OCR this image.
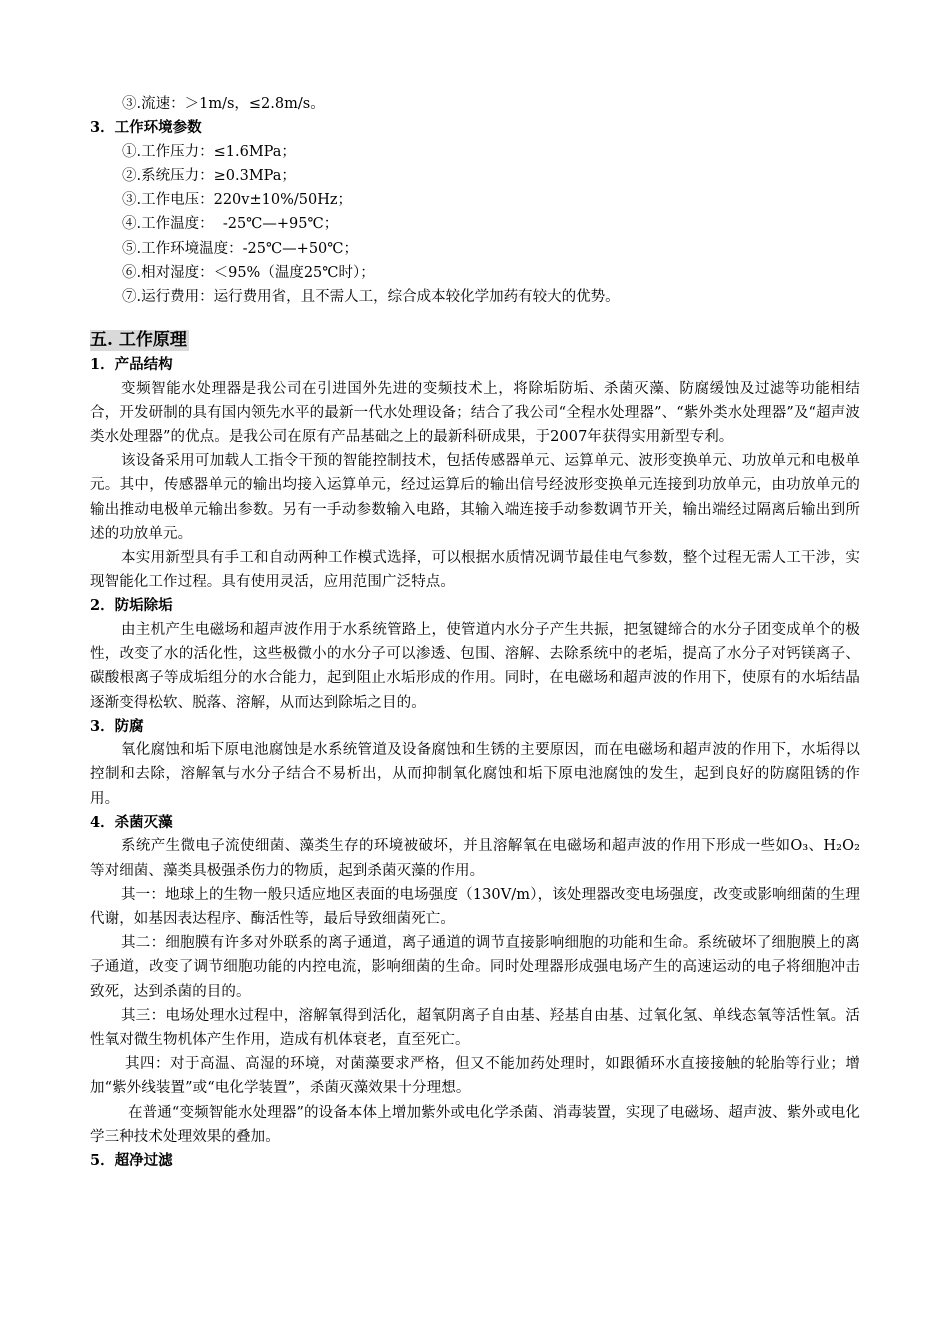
③.流速：＞1m/s，≤2.8m/s。
3．工作环境参数
①.工作压力：≤1.6MPa；
②.系统压力：≥0.3MPa；
③.工作电压：220v±10%/50Hz；
④.工作温度：  -25℃—+95℃；
⑤.工作环境温度：-25℃—+50℃；
⑥.相对湿度：＜95%（温度25℃时）；
⑦.运行费用：运行费用省，且不需人工，综合成本较化学加药有较大的优势。
五. 工作原理
1．产品结构

变频智能水处理器是我公司在引进国外先进的变频技术上，将除垢防垢、杀菌灭藻、防腐缓蚀及过滤等功能相结合，开发研制的具有国内领先水平的最新一代水处理设备；结合了我公司“全程水处理器”、“紫外类水处理器”及“超声波类水处理器”的优点。是我公司在原有产品基础之上的最新科研成果，于2007年获得实用新型专利。

该设备采用可加载人工指令干预的智能控制技术，包括传感器单元、运算单元、波形变换单元、功放单元和电极单元。其中，传感器单元的输出均接入运算单元，经过运算后的输出信号经波形变换单元连接到功放单元，由功放单元的输出推动电极单元输出参数。另有一手动参数输入电路，其输入端连接手动参数调节开关，输出端经过隔离后输出到所述的功放单元。

本实用新型具有手工和自动两种工作模式选择，可以根据水质情况调节最佳电气参数，整个过程无需人工干涉，实现智能化工作过程。具有使用灵活，应用范围广泛特点。

2．防垢除垢

由主机产生电磁场和超声波作用于水系统管路上，使管道内水分子产生共振，把氢键缔合的水分子团变成单个的极性，改变了水的活化性，这些极微小的水分子可以渗透、包围、溶解、去除系统中的老垢，提高了水分子对钙镁离子、碳酸根离子等成垢组分的水合能力，起到阻止水垢形成的作用。同时，在电磁场和超声波的作用下，使原有的水垢结晶逐渐变得松软、脱落、溶解，从而达到除垢之目的。

3．防腐

氧化腐蚀和垢下原电池腐蚀是水系统管道及设备腐蚀和生锈的主要原因，而在电磁场和超声波的作用下，水垢得以控制和去除，溶解氧与水分子结合不易析出，从而抑制氧化腐蚀和垢下原电池腐蚀的发生，起到良好的防腐阻锈的作用。

4．杀菌灭藻

系统产生微电子流使细菌、藻类生存的环境被破坏，并且溶解氧在电磁场和超声波的作用下形成一些如O₃、H₂O₂等对细菌、藻类具极强杀伤力的物质，起到杀菌灭藻的作用。

其一：地球上的生物一般只适应地区表面的电场强度（130V/m），该处理器改变电场强度，改变或影响细菌的生理代谢，如基因表达程序、酶活性等，最后导致细菌死亡。

其二：细胞膜有许多对外联系的离子通道，离子通道的调节直接影响细胞的功能和生命。系统破坏了细胞膜上的离子通道，改变了调节细胞功能的内控电流，影响细菌的生命。同时处理器形成强电场产生的高速运动的电子将细胞冲击致死，达到杀菌的目的。

其三：电场处理水过程中，溶解氧得到活化，超氧阴离子自由基、羟基自由基、过氧化氢、单线态氧等活性氧。活性氧对微生物机体产生作用，造成有机体衰老，直至死亡。

其四：对于高温、高湿的环境，对菌藻要求严格，但又不能加药处理时，如跟循环水直接接触的轮胎等行业；增加“紫外线装置”或“电化学装置”，杀菌灭藻效果十分理想。

在普通“变频智能水处理器”的设备本体上增加紫外或电化学杀菌、消毒装置，实现了电磁场、超声波、紫外或电化学三种技术处理效果的叠加。

5．超净过滤
